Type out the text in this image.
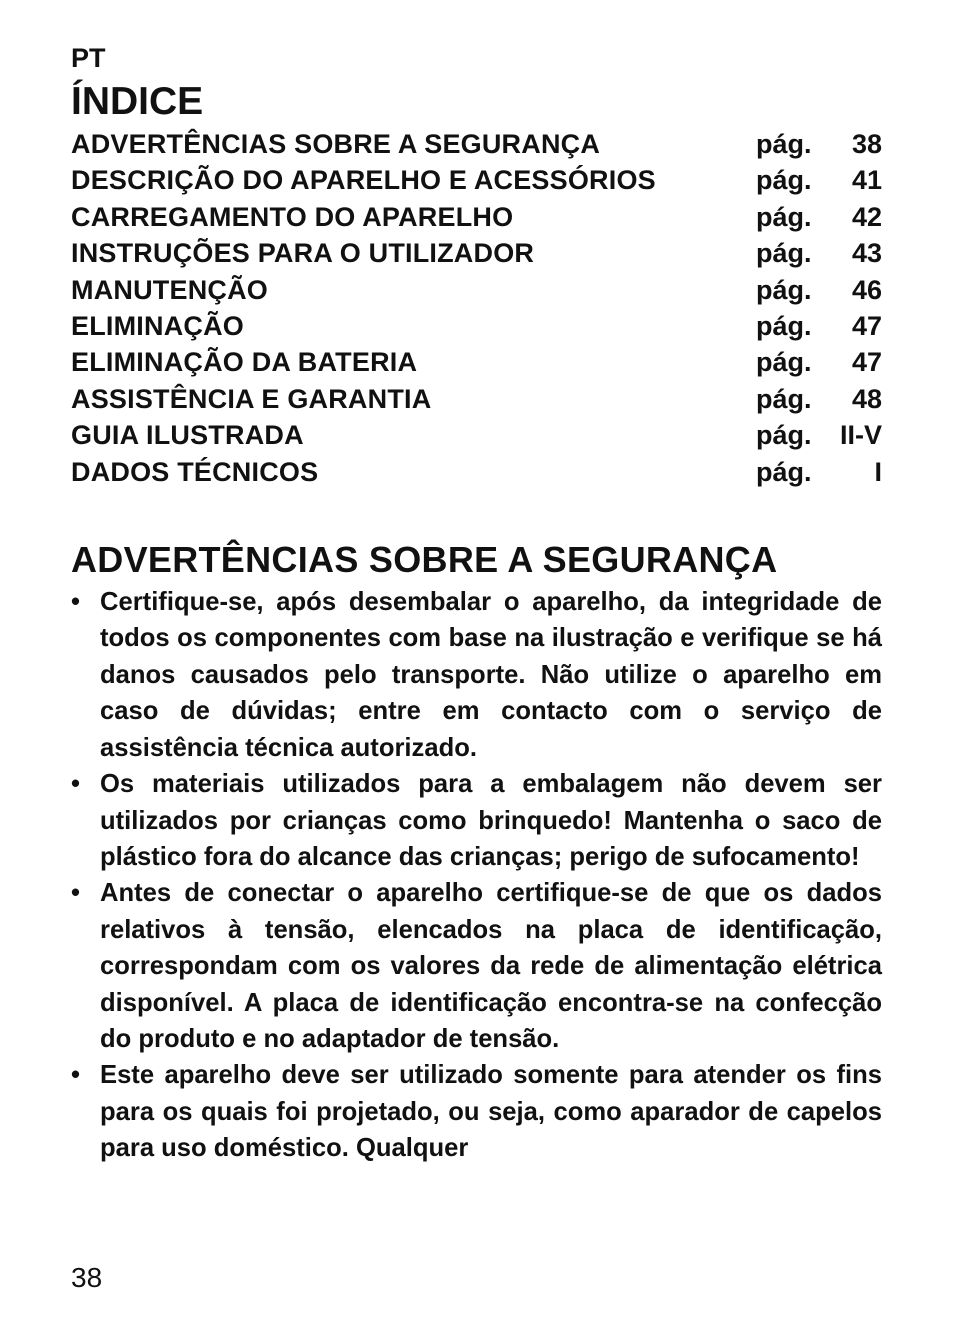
PT

ÍNDICE
ADVERTÊNCIAS SOBRE A SEGURANÇA	pág.	38
DESCRIÇÃO DO APARELHO E ACESSÓRIOS	pág.	41
CARREGAMENTO DO APARELHO	pág.	42
INSTRUÇÕES PARA O UTILIZADOR	pág.	43
MANUTENÇÃO	pág.	46
ELIMINAÇÃO	pág.	47
ELIMINAÇÃO DA BATERIA	pág.	47
ASSISTÊNCIA E GARANTIA	pág.	48
GUIA ILUSTRADA	pág.	II-V
DADOS TÉCNICOS	pág.	I
ADVERTÊNCIAS SOBRE A SEGURANÇA
• Certifique-se, após desembalar o aparelho, da integridade de todos os componentes com base na ilustração e verifique se há danos causados pelo transporte. Não utilize o aparelho em caso de dúvidas; entre em contacto com o serviço de assistência técnica autorizado.
• Os materiais utilizados para a embalagem não devem ser utilizados por crianças como brinquedo! Mantenha o saco de plástico fora do alcance das crianças; perigo de sufocamento!
• Antes de conectar o aparelho certifique-se de que os dados relativos à tensão, elencados na placa de identificação, correspondam com os valores da rede de alimentação elétrica disponível. A placa de identificação encontra-se na confecção do produto e no adaptador de tensão.
• Este aparelho deve ser utilizado somente para atender os fins para os quais foi projetado, ou seja, como aparador de capelos para uso doméstico. Qualquer

38
